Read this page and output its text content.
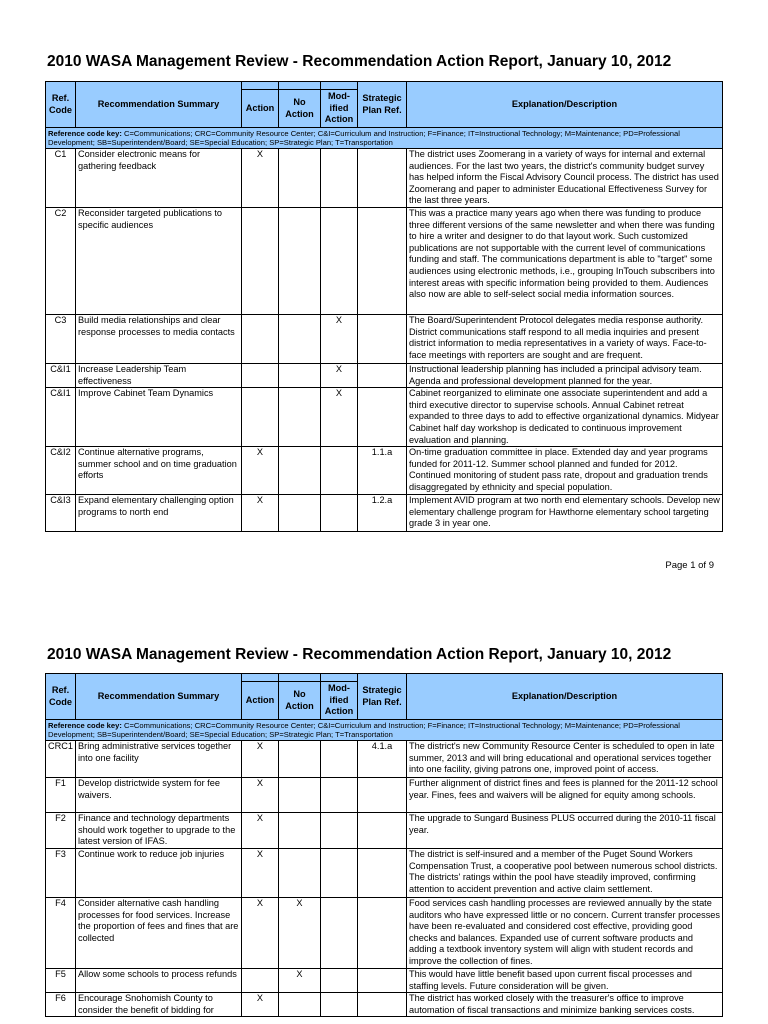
2010 WASA Management Review - Recommendation Action Report, January 10, 2012
Ref. Code	Recommendation Summary				Strategic Plan Ref.	Explanation/Description
		Action	No Action	Mod-ified Action		
Reference code key: C=Communications; CRC=Community Resource Center; C&I=Curriculum and Instruction; F=Finance; IT=Instructional Technology; M=Maintenance; PD=Professional Development; SB=Superintendent/Board; SE=Special Education; SP=Strategic Plan; T=Transportation						
C1	Consider electronic means for gathering feedback	X				The district uses Zoomerang in a variety of ways for internal and external audiences. For the last two years, the district's community budget survey has helped inform the Fiscal Advisory Council process. The district has used Zoomerang and paper to administer Educational Effectiveness Survey for the last three years.
C2	Reconsider targeted publications to specific audiences					This was a practice many years ago when there was funding to produce three different versions of the same newsletter and when there was funding to hire a writer and designer to do that layout work. Such customized publications are not supportable with the current level of communications funding and staff. The communications department is able to "target" some audiences using electronic methods, i.e., grouping InTouch subscribers into interest areas with specific information being provided to them. Audiences also now are able to self-select social media information sources.
C3	Build media relationships and clear response processes to media contacts			X		The Board/Superintendent Protocol delegates media response authority. District communications staff respond to all media inquiries and present district information to media representatives in a variety of ways. Face-to-face meetings with reporters are sought and are frequent.
C&I1	Increase Leadership Team effectiveness			X		Instructional leadership planning has included a principal advisory team. Agenda and professional development planned for the year.
C&I1	Improve Cabinet Team Dynamics			X		Cabinet reorganized to eliminate one associate superintendent and add a third executive director to supervise schools. Annual Cabinet retreat expanded to three days to add to effective organizational dynamics. Midyear Cabinet half day workshop is dedicated to continuous improvement evaluation and planning.
C&I2	Continue alternative programs, summer school and on time graduation efforts	X			1.1.a	On-time graduation committee in place. Extended day and year programs funded for 2011-12. Summer school planned and funded for 2012. Continued monitoring of student pass rate, dropout and graduation trends disaggregated by ethnicity and special population.
C&I3	Expand elementary challenging option programs to north end	X			1.2.a	Implement AVID program at two north end elementary schools. Develop new elementary challenge program for Hawthorne elementary school targeting grade 3 in year one.
Page 1 of 9
2010 WASA Management Review - Recommendation Action Report, January 10, 2012
Ref. Code	Recommendation Summary				Strategic Plan Ref.	Explanation/Description
		Action	No Action	Mod-ified Action		
Reference code key: C=Communications; CRC=Community Resource Center; C&I=Curriculum and Instruction; F=Finance; IT=Instructional Technology; M=Maintenance; PD=Professional Development; SB=Superintendent/Board; SE=Special Education; SP=Strategic Plan; T=Transportation						
CRC1	Bring administrative services together into one facility	X			4.1.a	The district's new Community Resource Center is scheduled to open in late summer, 2013 and will bring educational and operational services together into one facility, giving patrons one, improved point of access.
F1	Develop districtwide system for fee waivers.	X				Further alignment of district fines and fees is planned for the 2011-12 school year. Fines, fees and waivers will be aligned for equity among schools.
F2	Finance and technology departments should work together to upgrade to the latest version of IFAS.	X				The upgrade to Sungard Business PLUS occurred during the 2010-11 fiscal year.
F3	Continue work to reduce job injuries	X				The district is self-insured and a member of the Puget Sound Workers Compensation Trust, a cooperative pool between numerous school districts. The districts' ratings within the pool have steadily improved, confirming attention to accident prevention and active claim settlement.
F4	Consider alternative cash handling processes for food services. Increase the proportion of fees and fines that are collected	X	X			Food services cash handling processes are reviewed annually by the state auditors who have expressed little or no concern. Current transfer processes have been re-evaluated and considered cost effective, providing good checks and balances. Expanded use of current software products and adding a textbook inventory system will align with student records and improve the collection of fines.
F5	Allow some schools to process refunds		X			This would have little benefit based upon current fiscal processes and staffing levels. Future consideration will be given.
F6	Encourage Snohomish County to consider the benefit of bidding for	X				The district has worked closely with the treasurer's office to improve automation of fiscal transactions and minimize banking services costs.
